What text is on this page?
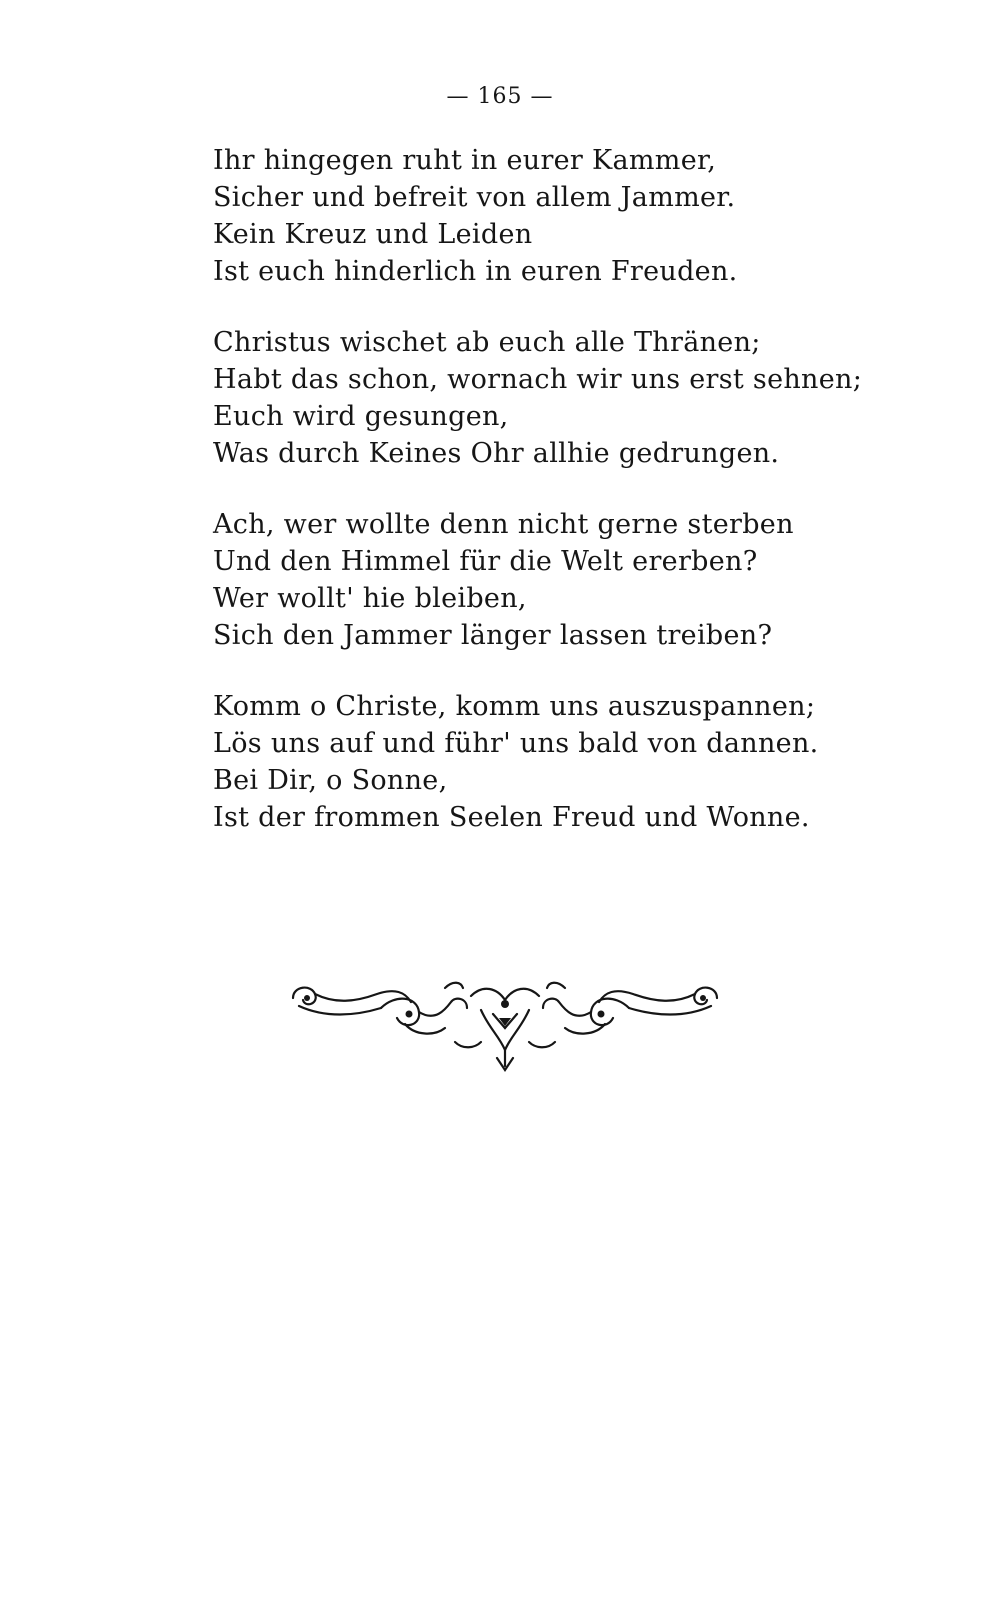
— 165 —
Ihr hingegen ruht in eurer Kammer,
Sicher und befreit von allem Jammer.
Kein Kreuz und Leiden
Ist euch hinderlich in euren Freuden.
Christus wischet ab euch alle Thränen;
Habt das schon, wornach wir uns erst sehnen;
Euch wird gesungen,
Was durch Keines Ohr allhie gedrungen.
Ach, wer wollte denn nicht gerne sterben
Und den Himmel für die Welt ererben?
Wer wollt' hie bleiben,
Sich den Jammer länger lassen treiben?
Komm o Christe, komm uns auszuspannen;
Lös uns auf und führ' uns bald von dannen.
Bei Dir, o Sonne,
Ist der frommen Seelen Freud und Wonne.
